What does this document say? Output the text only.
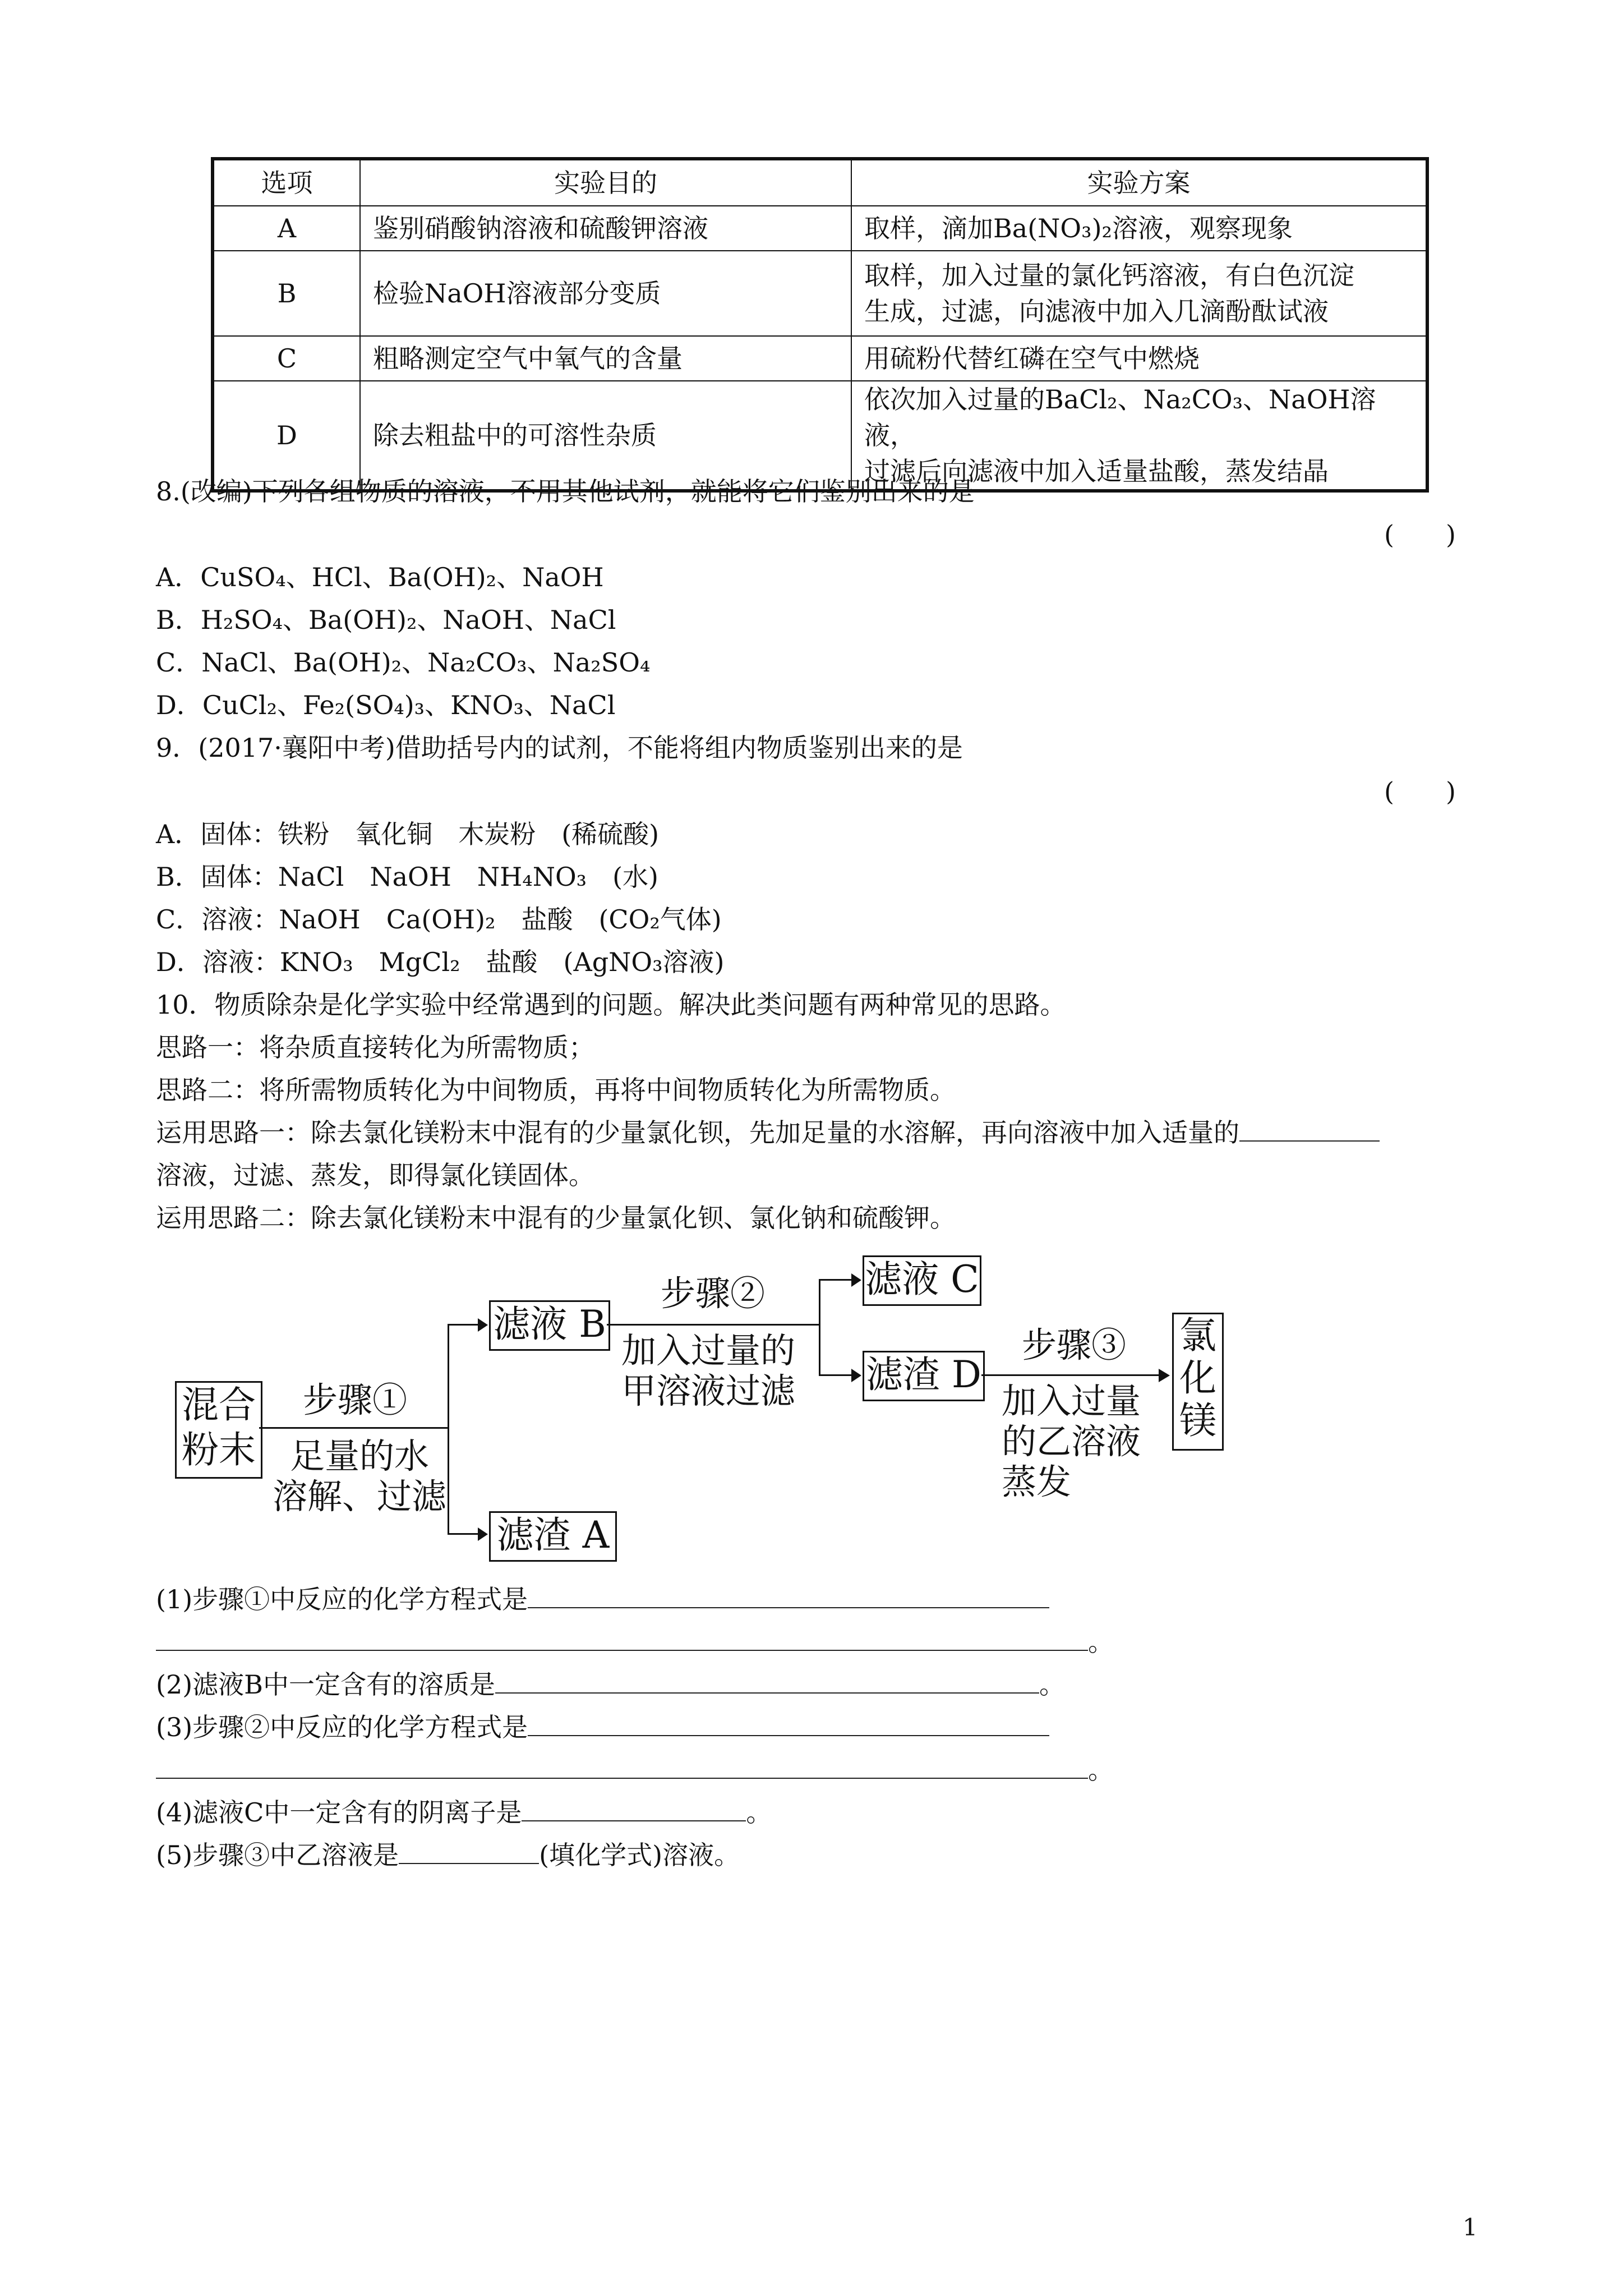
选项	实验目的	实验方案
A	鉴别硝酸钠溶液和硫酸钾溶液	取样，滴加Ba(NO₃)₂溶液，观察现象
B	检验NaOH溶液部分变质	取样，加入过量的氯化钙溶液，有白色沉淀
生成，过滤，向滤液中加入几滴酚酞试液

C	粗略测定空气中氧气的含量	用硫粉代替红磷在空气中燃烧
D	除去粗盐中的可溶性杂质	依次加入过量的BaCl₂、Na₂CO₃、NaOH溶液，
过滤后向滤液中加入适量盐酸，蒸发结晶
8.(改编)下列各组物质的溶液，不用其他试剂，就能将它们鉴别出来的是
(　　)
A．CuSO₄、HCl、Ba(OH)₂、NaOH
B．H₂SO₄、Ba(OH)₂、NaOH、NaCl
C．NaCl、Ba(OH)₂、Na₂CO₃、Na₂SO₄
D．CuCl₂、Fe₂(SO₄)₃、KNO₃、NaCl
9．(2017·襄阳中考)借助括号内的试剂，不能将组内物质鉴别出来的是
(　　)
A．固体：铁粉　氧化铜　木炭粉　(稀硫酸)
B．固体：NaCl　NaOH　NH₄NO₃　(水)
C．溶液：NaOH　Ca(OH)₂　盐酸　(CO₂气体)
D．溶液：KNO₃　MgCl₂　盐酸　(AgNO₃溶液)
10．物质除杂是化学实验中经常遇到的问题。解决此类问题有两种常见的思路。
思路一：将杂质直接转化为所需物质；
思路二：将所需物质转化为中间物质，再将中间物质转化为所需物质。
运用思路一：除去氯化镁粉末中混有的少量氯化钡，先加足量的水溶解，再向溶液中加入适量的
溶液，过滤、蒸发，即得氯化镁固体。
运用思路二：除去氯化镁粉末中混有的少量氯化钡、氯化钠和硫酸钾。
混合
粉末
步骤①
足量的水
溶解、过滤
滤液 B
滤渣 A
步骤②
加入过量的
甲溶液过滤
滤液 C
滤渣 D
步骤③
加入过量
的乙溶液
蒸发
氯
化
镁
(1)步骤①中反应的化学方程式是
。
(2)滤液B中一定含有的溶质是	。
(3)步骤②中反应的化学方程式是
。
(4)滤液C中一定含有的阴离子是	。
(5)步骤③中乙溶液是	(填化学式)溶液。
1
